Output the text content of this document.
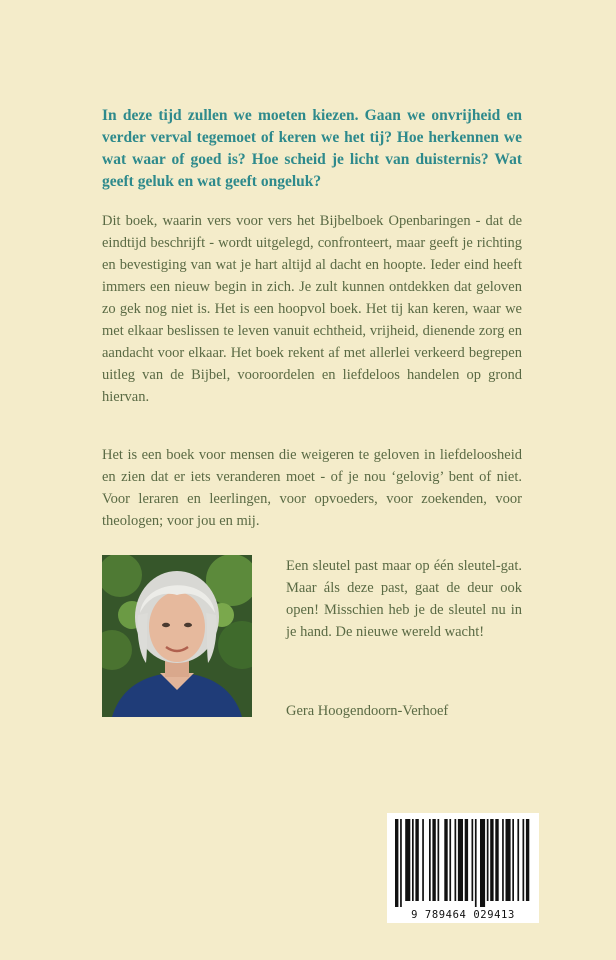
In deze tijd zullen we moeten kiezen. Gaan we onvrijheid en verder verval tegemoet of keren we het tij? Hoe herkennen we wat waar of goed is? Hoe scheid je licht van duisternis? Wat geeft geluk en wat geeft ongeluk?

Dit boek, waarin vers voor vers het Bijbelboek Openbaringen - dat de eindtijd beschrijft - wordt uitgelegd, confronteert, maar geeft je richting en bevestiging van wat je hart altijd al dacht en hoopte. Ieder eind heeft immers een nieuw begin in zich. Je zult kunnen ontdekken dat geloven zo gek nog niet is. Het is een hoopvol boek. Het tij kan keren, waar we met elkaar beslissen te leven vanuit echtheid, vrijheid, dienende zorg en aandacht voor elkaar. Het boek rekent af met allerlei verkeerd begrepen uitleg van de Bijbel, vooroordelen en liefdeloos handelen op grond hiervan.

Het is een boek voor mensen die weigeren te geloven in liefdeloosheid en zien dat er iets veranderen moet - of je nou ‘gelovig’ bent of niet. Voor leraren en leerlingen, voor opvoeders, voor zoekenden, voor theologen; voor jou en mij.

Een sleutel past maar op één sleutel-gat. Maar áls deze past, gaat de deur ook open! Misschien heb je de sleutel nu in je hand. De nieuwe wereld wacht!

Gera Hoogendoorn-Verhoef

9 789464 029413
